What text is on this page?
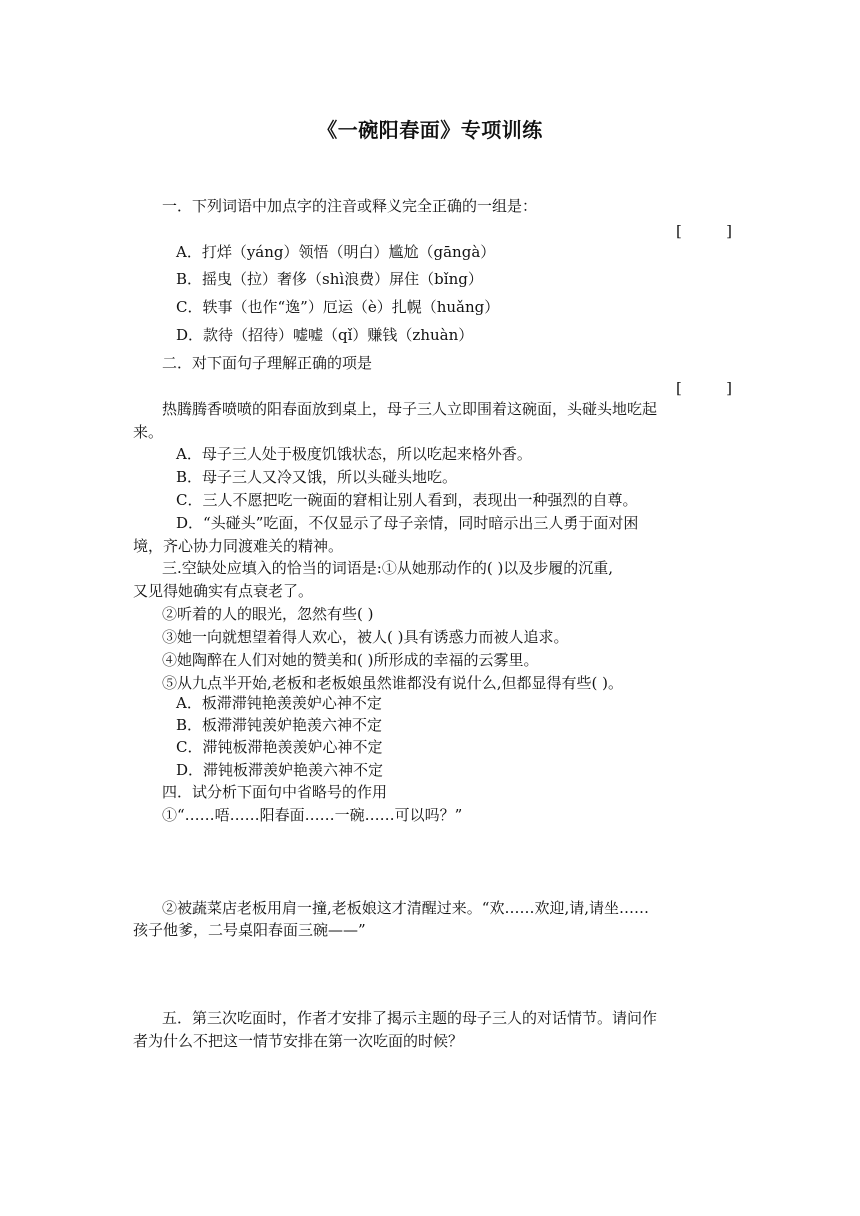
《一碗阳春面》专项训练
一．下列词语中加点字的注音或释义完全正确的一组是：
[	]
A．打烊（yáng）领悟（明白）尴尬（gāngà）
B．摇曳（拉）奢侈（shì浪费）屏住（bǐng）
C．轶事（也作“逸”）厄运（è）扎幌（huǎng）
D．款待（招待）嘘嘘（qǐ）赚钱（zhuàn）
二．对下面句子理解正确的项是
[	]
热腾腾香喷喷的阳春面放到桌上，母子三人立即围着这碗面，头碰头地吃起
来。
A．母子三人处于极度饥饿状态，所以吃起来格外香。
B．母子三人又冷又饿，所以头碰头地吃。
C．三人不愿把吃一碗面的窘相让别人看到，表现出一种强烈的自尊。
D．“头碰头”吃面，不仅显示了母子亲情，同时暗示出三人勇于面对困
境，齐心协力同渡难关的精神。
三.空缺处应填入的恰当的词语是:①从她那动作的( )以及步履的沉重,
又见得她确实有点衰老了。
②听着的人的眼光，忽然有些( )
③她一向就想望着得人欢心，被人( )具有诱惑力而被人追求。
④她陶醉在人们对她的赞美和( )所形成的幸福的云雾里。
⑤从九点半开始,老板和老板娘虽然谁都没有说什么,但都显得有些( )。
A．板滞滞钝艳羡羡妒心神不定
B．板滞滞钝羡妒艳羡六神不定
C．滞钝板滞艳羡羡妒心神不定
D．滞钝板滞羡妒艳羡六神不定
四．试分析下面句中省略号的作用
①“……唔……阳春面……一碗……可以吗？”
②被蔬菜店老板用肩一撞,老板娘这才清醒过来。“欢……欢迎,请,请坐……
孩子他爹，二号桌阳春面三碗——”
五．第三次吃面时，作者才安排了揭示主题的母子三人的对话情节。请问作
者为什么不把这一情节安排在第一次吃面的时候？
